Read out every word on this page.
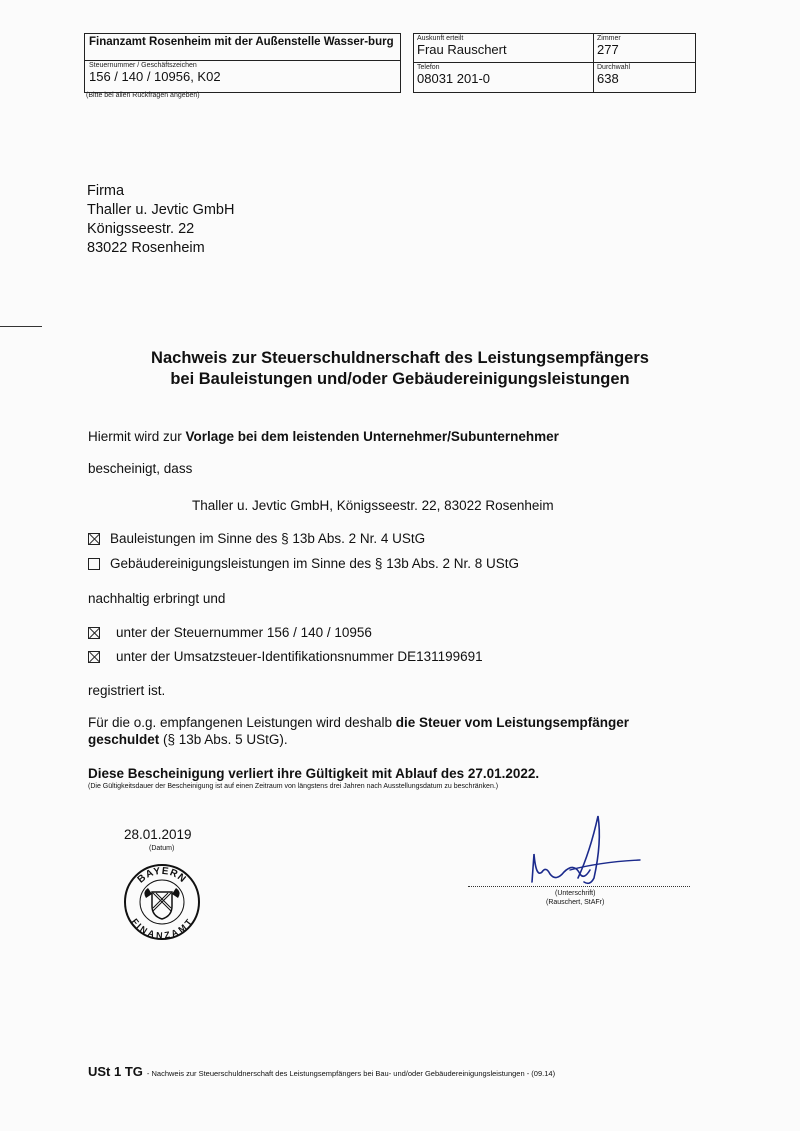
Finanzamt Rosenheim mit der Außenstelle Wasser-burg
Steuernummer / Geschäftszeichen
156 / 140 / 10956, K02
(Bitte bei allen Rückfragen angeben)
Auskunft erteilt
Frau Rauschert
Zimmer
277
Telefon
08031 201-0
Durchwahl
638
Firma
Thaller u. Jevtic GmbH
Königsseestr. 22
83022 Rosenheim
Nachweis zur Steuerschuldnerschaft des Leistungsempfängers
bei Bauleistungen und/oder Gebäudereinigungsleistungen
Hiermit wird zur Vorlage bei dem leistenden Unternehmer/Subunternehmer
bescheinigt, dass
Thaller u. Jevtic GmbH, Königsseestr. 22, 83022 Rosenheim
Bauleistungen im Sinne des § 13b Abs. 2 Nr. 4 UStG
Gebäudereinigungsleistungen im Sinne des § 13b Abs. 2 Nr. 8 UStG
nachhaltig erbringt und
unter der Steuernummer 156 / 140 / 10956
unter der Umsatzsteuer-Identifikationsnummer DE131199691
registriert ist.
Für die o.g. empfangenen Leistungen wird deshalb die Steuer vom Leistungsempfänger
geschuldet (§ 13b Abs. 5 UStG).
Diese Bescheinigung verliert ihre Gültigkeit mit Ablauf des 27.01.2022.
(Die Gültigkeitsdauer der Bescheinigung ist auf einen Zeitraum von längstens drei Jahren nach Ausstellungsdatum zu beschränken.)
28.01.2019
(Datum)
BAYERN
FINANZAMT
(Unterschrift)
(Rauschert, StAFr)
USt 1 TG - Nachweis zur Steuerschuldnerschaft des Leistungsempfängers bei Bau- und/oder Gebäudereinigungsleistungen - (09.14)
